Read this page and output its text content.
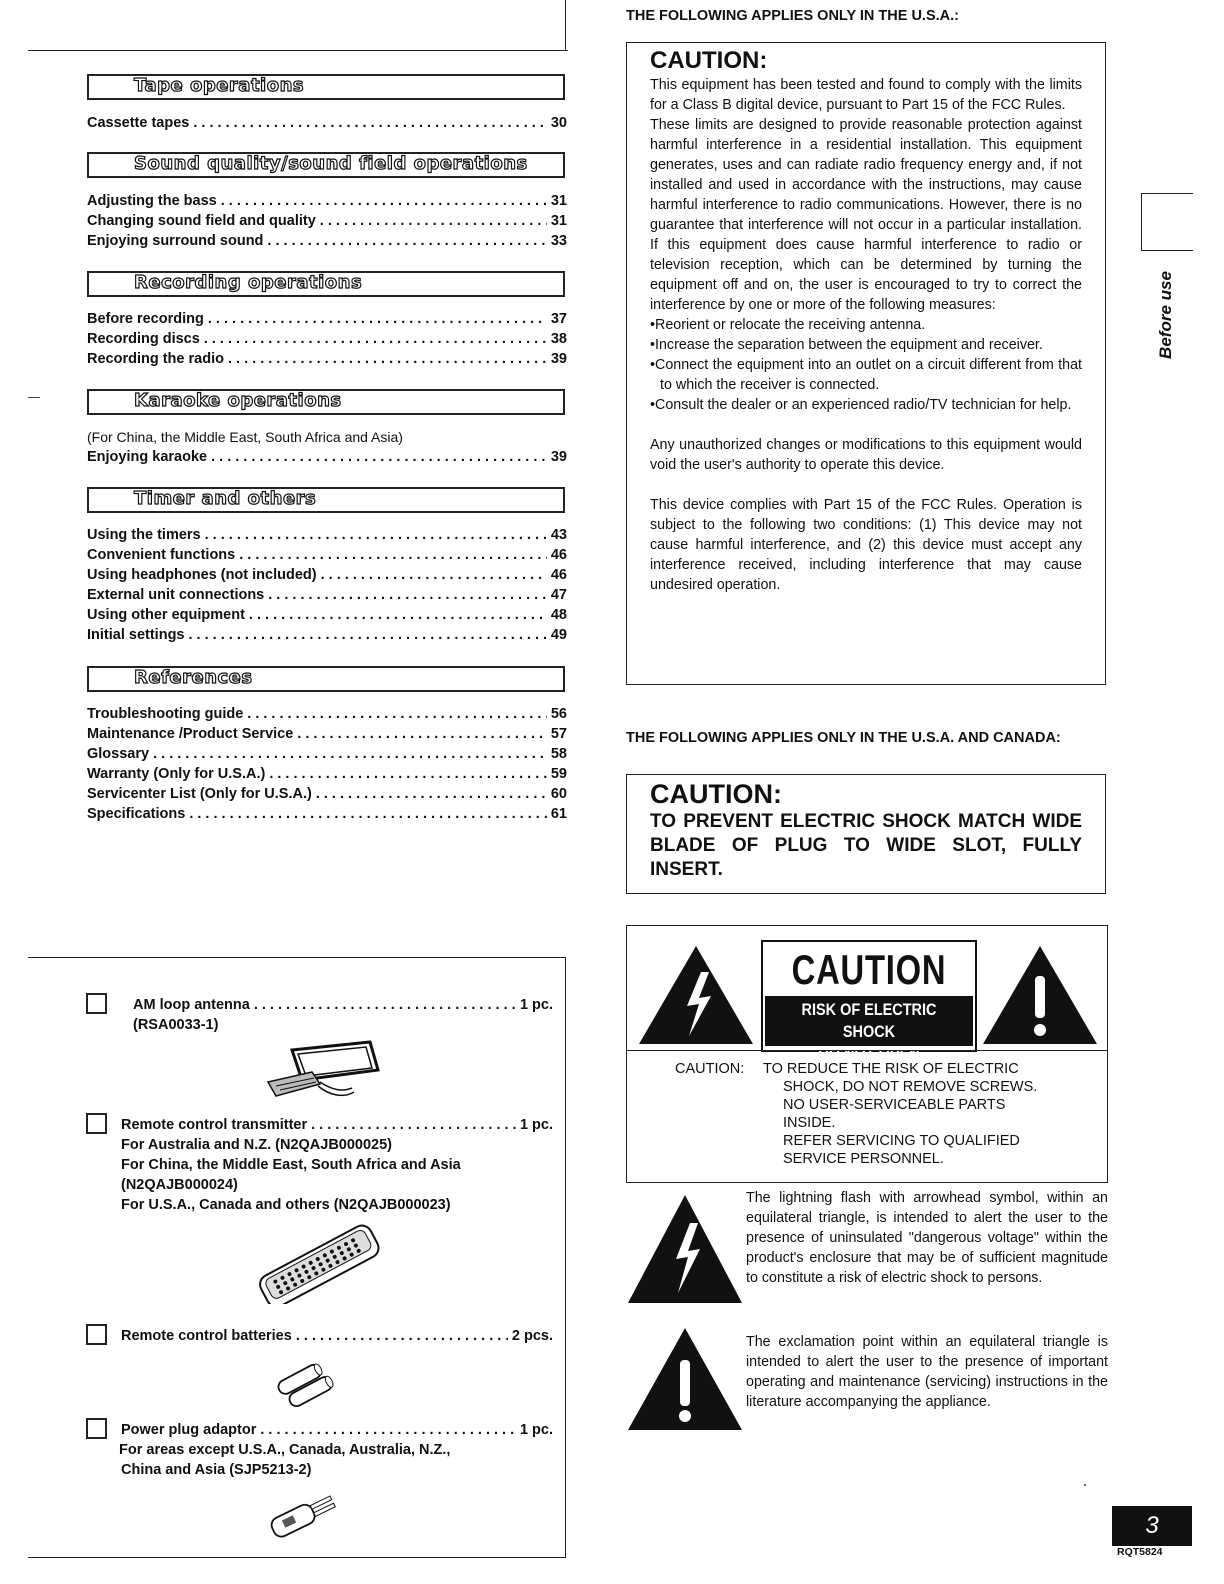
Tape operations
Cassette tapes . . .	30
Sound quality/sound field operations
Adjusting the bass . . .	31
Changing sound field and quality . . .	31
Enjoying surround sound . . .	33
Recording operations
Before recording . . .	37
Recording discs . . .	38
Recording the radio . . .	39
Karaoke operations
(For China, the Middle East, South Africa and Asia)
Enjoying karaoke . . .	39
Timer and others
Using the timers . . .	43
Convenient functions . . .	46
Using headphones (not included) . . .	46
External unit connections . . .	47
Using other equipment . . .	48
Initial settings . . .	49
References
Troubleshooting guide . . .	56
Maintenance /Product Service . . .	57
Glossary . . .	58
Warranty (Only for U.S.A.) . . .	59
Servicenter List (Only for U.S.A.) . . .	60
Specifications . . .	61
AM loop antenna . . .	1 pc.
(RSA0033-1)
Remote control transmitter . . .	1 pc.
For Australia and N.Z. (N2QAJB000025)
For China, the Middle East, South Africa and Asia
(N2QAJB000024)
For U.S.A., Canada and others (N2QAJB000023)
Remote control batteries . . .	2 pcs.
Power plug adaptor . . .	1 pc.
For areas except U.S.A., Canada, Australia, N.Z.,
China and Asia (SJP5213-2)
THE FOLLOWING APPLIES ONLY IN THE U.S.A.:
CAUTION:
This equipment has been tested and found to comply with the limits for a Class B digital device, pursuant to Part 15 of the FCC Rules.
These limits are designed to provide reasonable protection against harmful interference in a residential installation. This equipment generates, uses and can radiate radio frequency energy and, if not installed and used in accordance with the instructions, may cause harmful interference to radio communications. However, there is no guarantee that interference will not occur in a particular installation. If this equipment does cause harmful interference to radio or television reception, which can be determined by turning the equipment off and on, the user is encouraged to try to correct the interference by one or more of the following measures:
•Reorient or relocate the receiving antenna.
•Increase the separation between the equipment and receiver.
•Connect the equipment into an outlet on a circuit different from that to which the receiver is connected.
•Consult the dealer or an experienced radio/TV technician for help.
Any unauthorized changes or modifications to this equipment would void the user's authority to operate this device.
This device complies with Part 15 of the FCC Rules. Operation is subject to the following two conditions: (1) This device may not cause harmful interference, and (2) this device must accept any interference received, including interference that may cause undesired operation.
THE FOLLOWING APPLIES ONLY IN THE U.S.A. AND CANADA:
CAUTION:
TO PREVENT ELECTRIC SHOCK MATCH WIDE BLADE OF PLUG TO WIDE SLOT, FULLY INSERT.
CAUTION
RISK OF ELECTRIC SHOCK
DO NOT OPEN
CAUTION: TO REDUCE THE RISK OF ELECTRIC
SHOCK, DO NOT REMOVE SCREWS.
NO USER-SERVICEABLE PARTS
INSIDE.
REFER SERVICING TO QUALIFIED
SERVICE PERSONNEL.
The lightning flash with arrowhead symbol, within an equilateral triangle, is intended to alert the user to the presence of uninsulated "dangerous voltage" within the product's enclosure that may be of sufficient magnitude to constitute a risk of electric shock to persons.
The exclamation point within an equilateral triangle is intended to alert the user to the presence of important operating and maintenance (servicing) instructions in the literature accompanying the appliance.
Before use
3
RQT5824
